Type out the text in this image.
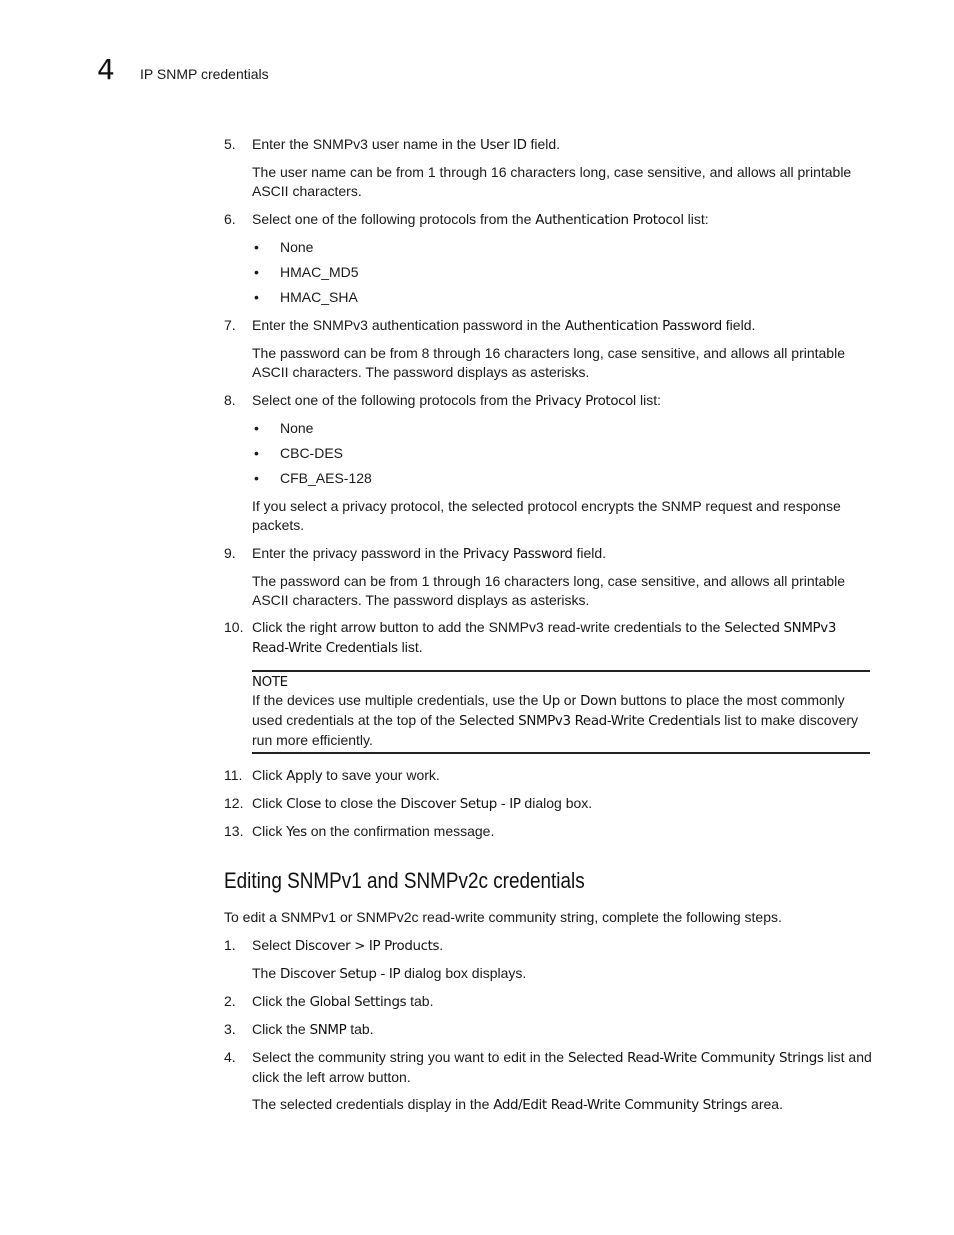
4 IP SNMP credentials
5.	Enter the SNMPv3 user name in the User ID field.

The user name can be from 1 through 16 characters long, case sensitive, and allows all printable ASCII characters.

6.	Select one of the following protocols from the Authentication Protocol list:

• None
• HMAC_MD5
• HMAC_SHA
7.	Enter the SNMPv3 authentication password in the Authentication Password field.

The password can be from 8 through 16 characters long, case sensitive, and allows all printable ASCII characters. The password displays as asterisks.

8.	Select one of the following protocols from the Privacy Protocol list:

• None
• CBC-DES
• CFB_AES-128

If you select a privacy protocol, the selected protocol encrypts the SNMP request and response packets.

9.	Enter the privacy password in the Privacy Password field.

The password can be from 1 through 16 characters long, case sensitive, and allows all printable ASCII characters. The password displays as asterisks.

10. Click the right arrow button to add the SNMPv3 read-write credentials to the Selected SNMPv3 Read-Write Credentials list.

NOTE

If the devices use multiple credentials, use the Up or Down buttons to place the most commonly used credentials at the top of the Selected SNMPv3 Read-Write Credentials list to make discovery run more efficiently.

11. Click Apply to save your work.

12. Click Close to close the Discover Setup - IP dialog box.

13. Click Yes on the confirmation message.

Editing SNMPv1 and SNMPv2c credentials

To edit a SNMPv1 or SNMPv2c read-write community string, complete the following steps.

1.	Select Discover > IP Products.

The Discover Setup - IP dialog box displays.

2.	Click the Global Settings tab.

3.	Click the SNMP tab.

4.	Select the community string you want to edit in the Selected Read-Write Community Strings list and click the left arrow button.

The selected credentials display in the Add/Edit Read-Write Community Strings area.
